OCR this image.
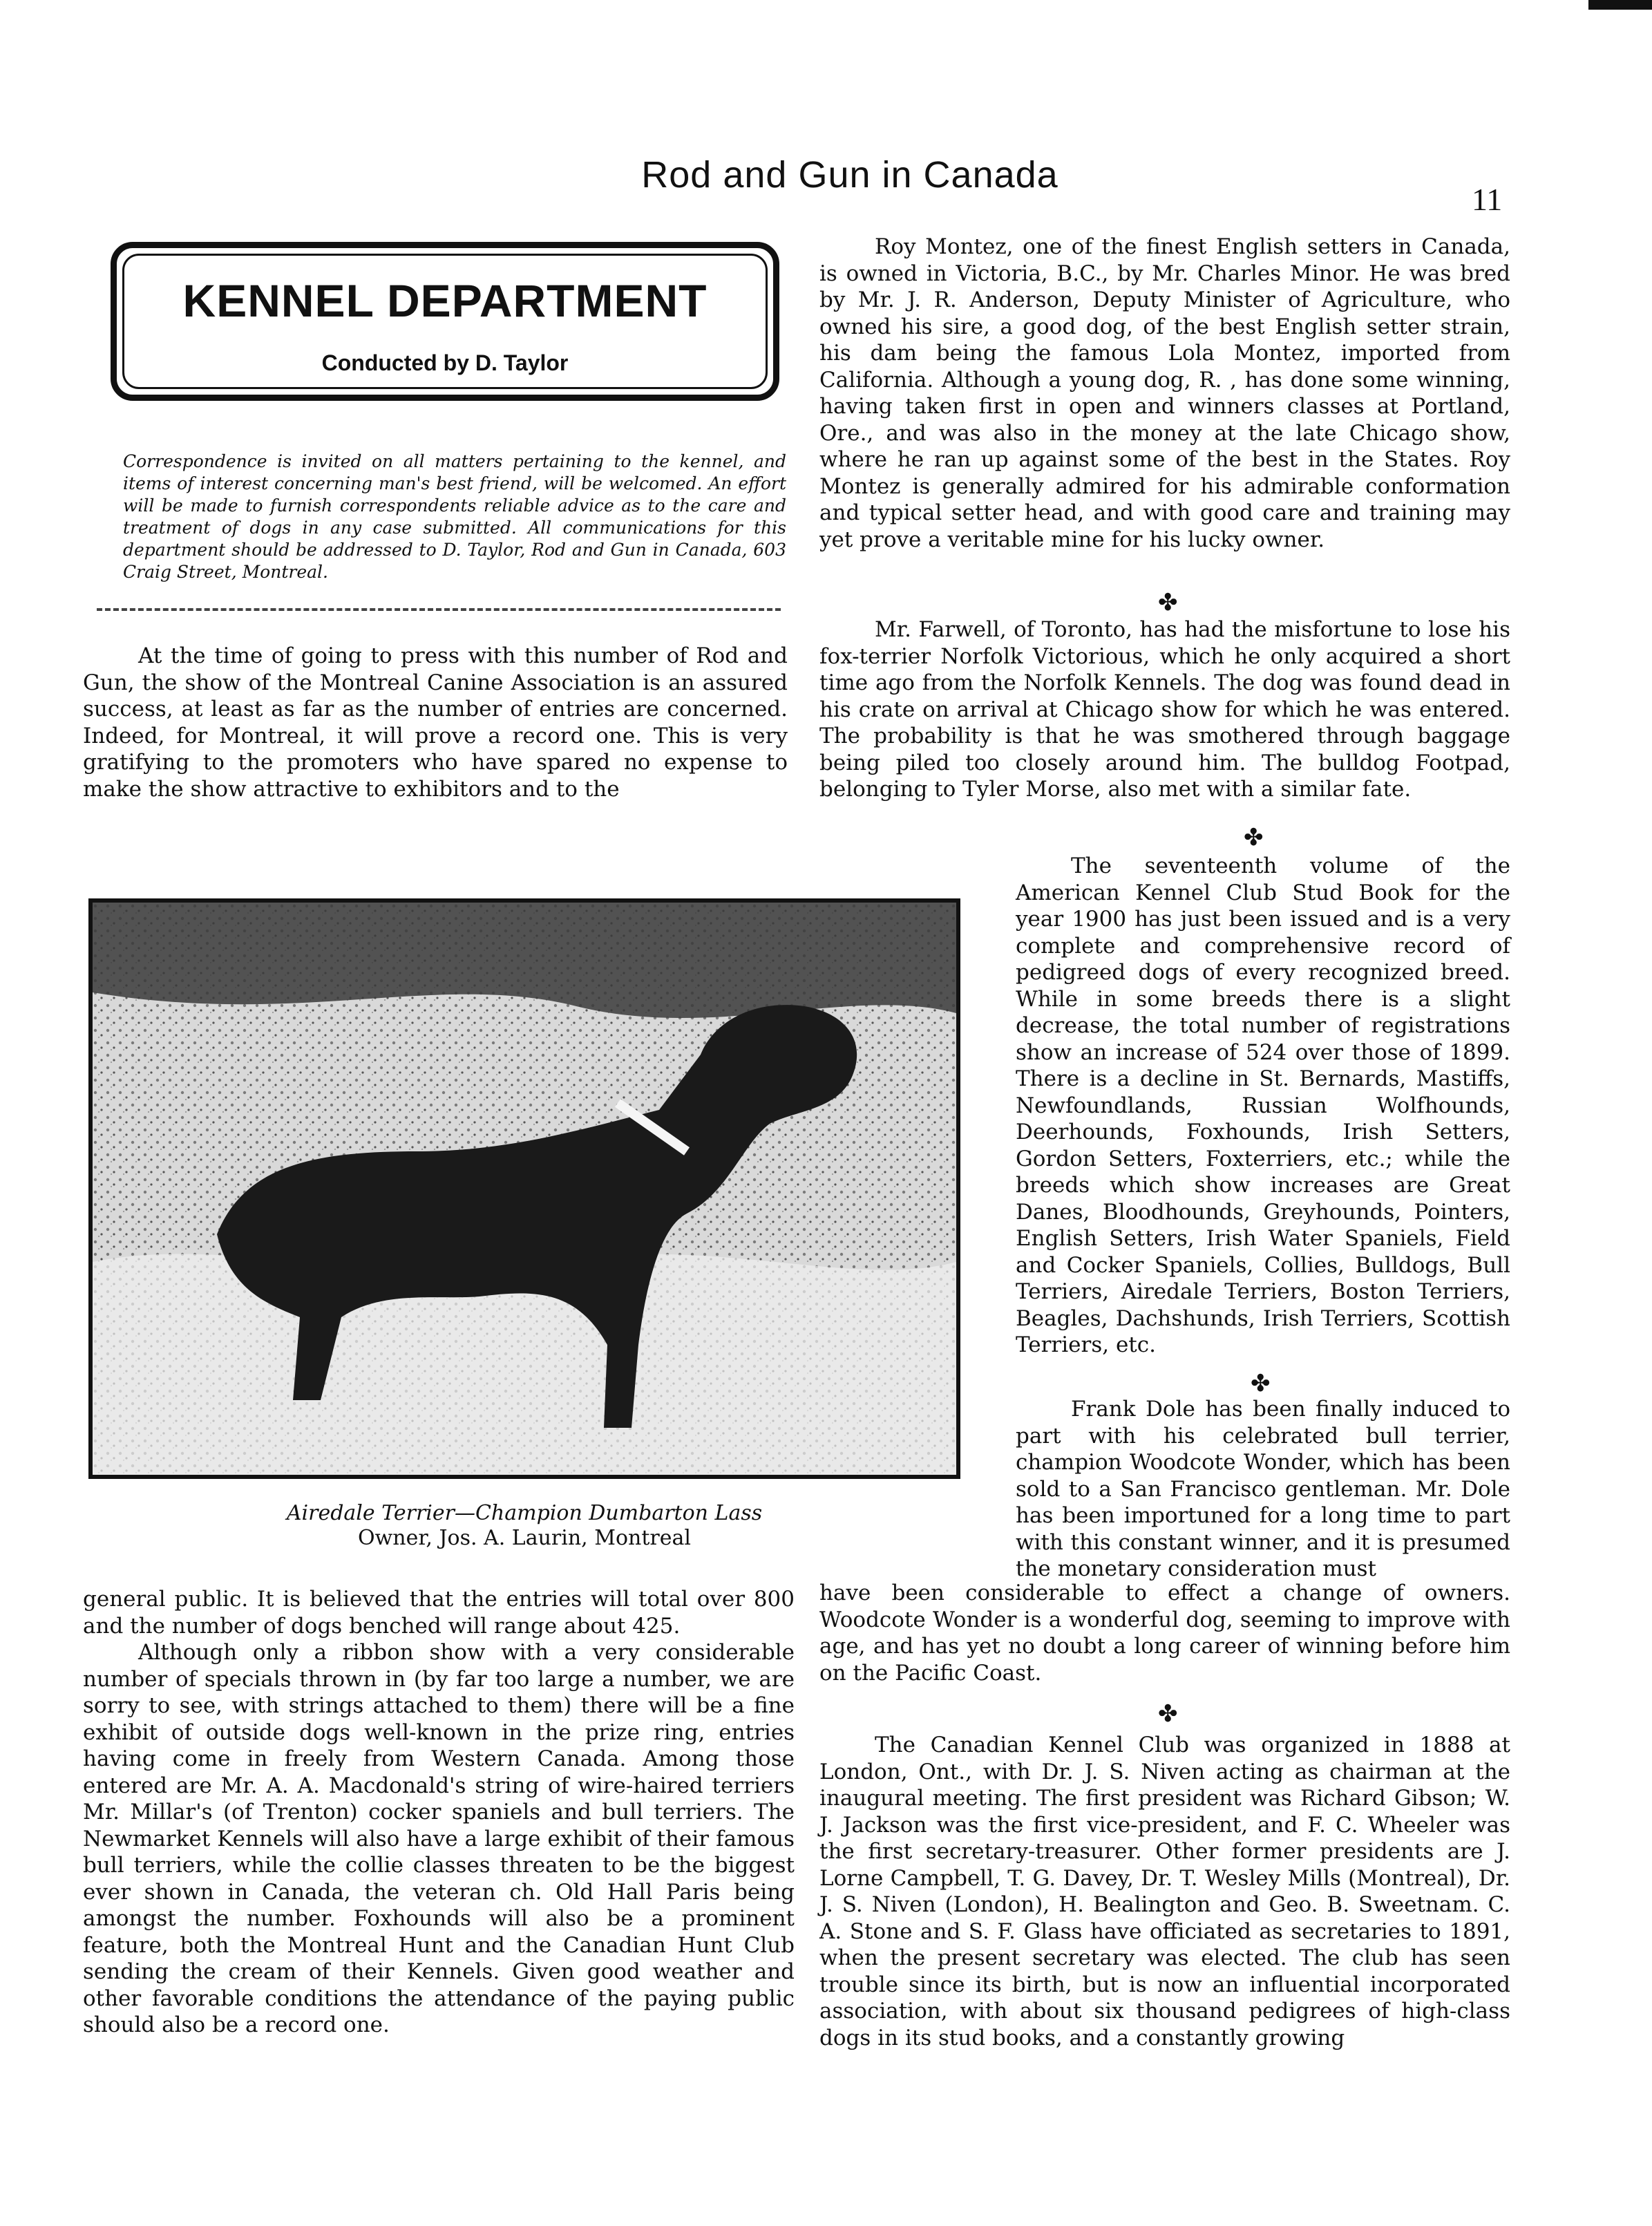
Rod and Gun in Canada
11
KENNEL DEPARTMENT
Conducted by D. Taylor
Correspondence is invited on all matters pertaining to the kennel, and items of interest concerning man's best friend, will be welcomed. An effort will be made to furnish correspondents reliable advice as to the care and treatment of dogs in any case submitted. All communications for this department should be addressed to D. Taylor, Rod and Gun in Canada, 603 Craig Street, Montreal.

At the time of going to press with this number of Rod and Gun, the show of the Montreal Canine Association is an assured success, at least as far as the number of entries are concerned. Indeed, for Montreal, it will prove a record one. This is very gratifying to the promoters who have spared no expense to make the show attractive to exhibitors and to the

Airedale Terrier—Champion Dumbarton Lass
Owner, Jos. A. Laurin, Montreal

general public. It is believed that the entries will total over 800 and the number of dogs benched will range about 425.

Although only a ribbon show with a very considerable number of specials thrown in (by far too large a number, we are sorry to see, with strings attached to them) there will be a fine exhibit of outside dogs well-known in the prize ring, entries having come in freely from Western Canada. Among those entered are Mr. A. A. Macdonald's string of wire-haired terriers Mr. Millar's (of Trenton) cocker spaniels and bull terriers. The Newmarket Kennels will also have a large exhibit of their famous bull terriers, while the collie classes threaten to be the biggest ever shown in Canada, the veteran ch. Old Hall Paris being amongst the number. Foxhounds will also be a prominent feature, both the Montreal Hunt and the Canadian Hunt Club sending the cream of their Kennels. Given good weather and other favorable conditions the attendance of the paying public should also be a record one.

Roy Montez, one of the finest English setters in Canada, is owned in Victoria, B.C., by Mr. Charles Minor. He was bred by Mr. J. R. Anderson, Deputy Minister of Agriculture, who owned his sire, a good dog, of the best English setter strain, his dam being the famous Lola Montez, imported from California. Although a young dog, R. , has done some winning, having taken first in open and winners classes at Portland, Ore., and was also in the money at the late Chicago show, where he ran up against some of the best in the States. Roy Montez is generally admired for his admirable conformation and typical setter head, and with good care and training may yet prove a veritable mine for his lucky owner.

✤

Mr. Farwell, of Toronto, has had the misfortune to lose his fox-terrier Norfolk Victorious, which he only acquired a short time ago from the Norfolk Kennels. The dog was found dead in his crate on arrival at Chicago show for which he was entered. The probability is that he was smothered through baggage being piled too closely around him. The bulldog Footpad, belonging to Tyler Morse, also met with a similar fate.

✤

The seventeenth volume of the American Kennel Club Stud Book for the year 1900 has just been issued and is a very complete and comprehensive record of pedigreed dogs of every recognized breed. While in some breeds there is a slight decrease, the total number of registrations show an increase of 524 over those of 1899. There is a decline in St. Bernards, Mastiffs, Newfoundlands, Russian Wolfhounds, Deerhounds, Foxhounds, Irish Setters, Gordon Setters, Foxterriers, etc.; while the breeds which show increases are Great Danes, Bloodhounds, Greyhounds, Pointers, English Setters, Irish Water Spaniels, Field and Cocker Spaniels, Collies, Bulldogs, Bull Terriers, Airedale Terriers, Boston Terriers, Beagles, Dachshunds, Irish Terriers, Scottish Terriers, etc.

✤

Frank Dole has been finally induced to part with his celebrated bull terrier, champion Woodcote Wonder, which has been sold to a San Francisco gentleman. Mr. Dole has been importuned for a long time to part with this constant winner, and it is presumed the monetary consideration must

have been considerable to effect a change of owners. Woodcote Wonder is a wonderful dog, seeming to improve with age, and has yet no doubt a long career of winning before him on the Pacific Coast.

✤

The Canadian Kennel Club was organized in 1888 at London, Ont., with Dr. J. S. Niven acting as chairman at the inaugural meeting. The first president was Richard Gibson; W. J. Jackson was the first vice-president, and F. C. Wheeler was the first secretary-treasurer. Other former presidents are J. Lorne Campbell, T. G. Davey, Dr. T. Wesley Mills (Montreal), Dr. J. S. Niven (London), H. Bealington and Geo. B. Sweetnam. C. A. Stone and S. F. Glass have officiated as secretaries to 1891, when the present secretary was elected. The club has seen trouble since its birth, but is now an influential incorporated association, with about six thousand pedigrees of high-class dogs in its stud books, and a constantly growing
